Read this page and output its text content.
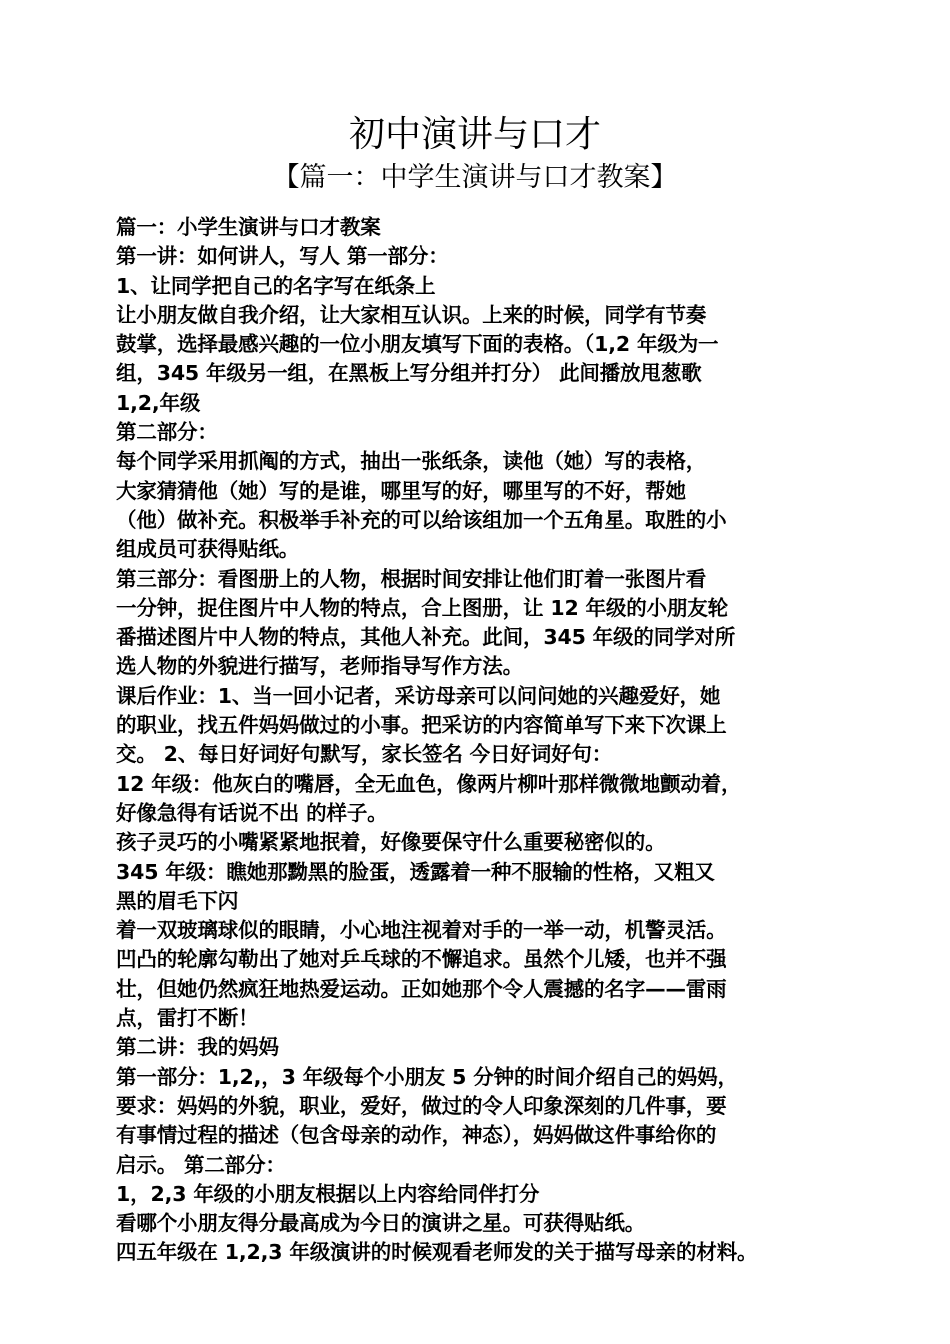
初中演讲与口才
【篇一：中学生演讲与口才教案】
篇一：小学生演讲与口才教案
第一讲：如何讲人，写人 第一部分：
1、让同学把自己的名字写在纸条上
让小朋友做自我介绍，让大家相互认识。上来的时候，同学有节奏
鼓掌，选择最感兴趣的一位小朋友填写下面的表格。（1,2 年级为一
组，345 年级另一组，在黑板上写分组并打分） 此间播放甩葱歌
1,2,年级
第二部分：
每个同学采用抓阄的方式，抽出一张纸条，读他（她）写的表格，
大家猜猜他（她）写的是谁，哪里写的好，哪里写的不好，帮她
（他）做补充。积极举手补充的可以给该组加一个五角星。取胜的小
组成员可获得贴纸。
第三部分：看图册上的人物，根据时间安排让他们盯着一张图片看
一分钟，捉住图片中人物的特点，合上图册，让 12 年级的小朋友轮
番描述图片中人物的特点，其他人补充。此间，345 年级的同学对所
选人物的外貌进行描写，老师指导写作方法。
课后作业：1、当一回小记者，采访母亲可以问问她的兴趣爱好，她
的职业，找五件妈妈做过的小事。把采访的内容简单写下来下次课上
交。 2、每日好词好句默写，家长签名 今日好词好句：
12 年级：他灰白的嘴唇，全无血色，像两片柳叶那样微微地颤动着，
好像急得有话说不出 的样子。
孩子灵巧的小嘴紧紧地抿着，好像要保守什么重要秘密似的。
345 年级：瞧她那黝黑的脸蛋，透露着一种不服输的性格，又粗又
黑的眉毛下闪
着一双玻璃球似的眼睛，小心地注视着对手的一举一动，机警灵活。
凹凸的轮廓勾勒出了她对乒乓球的不懈追求。虽然个儿矮，也并不强
壮，但她仍然疯狂地热爱运动。正如她那个令人震撼的名字——雷雨
点，雷打不断！
第二讲：我的妈妈
第一部分：1,2,，3 年级每个小朋友 5 分钟的时间介绍自己的妈妈，
要求：妈妈的外貌，职业，爱好，做过的令人印象深刻的几件事，要
有事情过程的描述（包含母亲的动作，神态），妈妈做这件事给你的
启示。 第二部分：
1，2,3 年级的小朋友根据以上内容给同伴打分
看哪个小朋友得分最高成为今日的演讲之星。可获得贴纸。
四五年级在 1,2,3 年级演讲的时候观看老师发的关于描写母亲的材料。
